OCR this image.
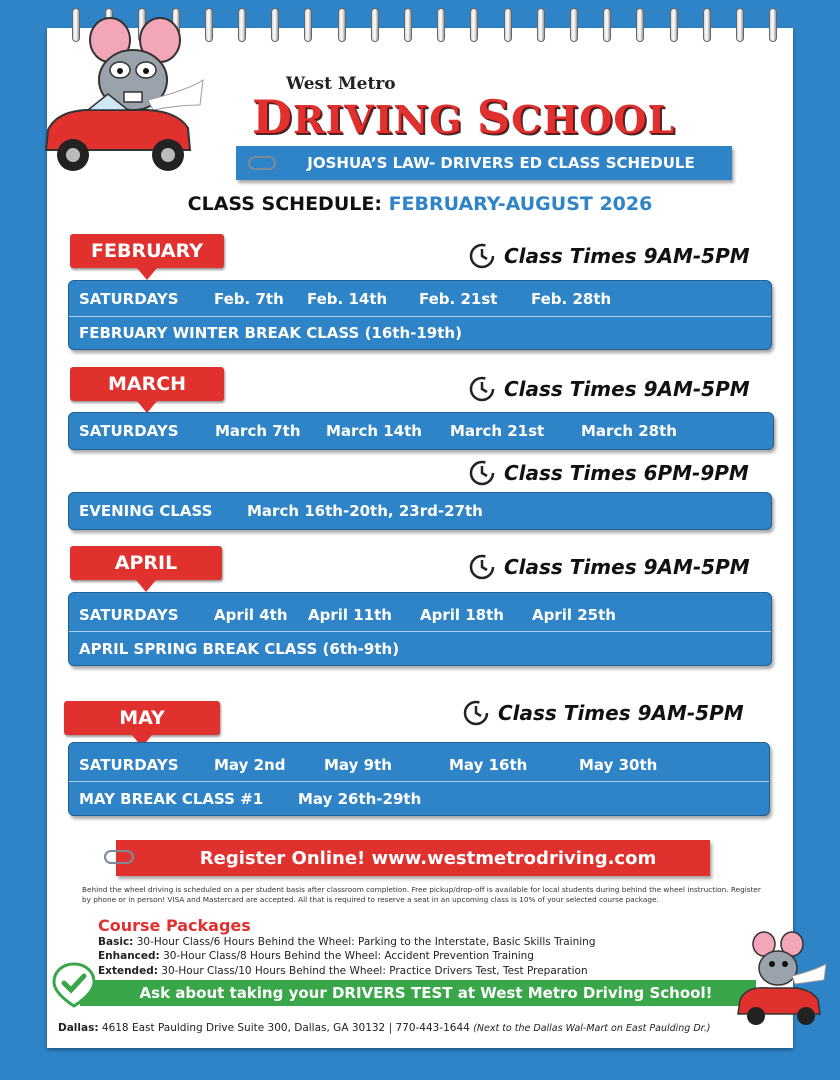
West Metro
DRIVING SCHOOL
JOSHUA’S LAW- DRIVERS ED CLASS SCHEDULE
CLASS SCHEDULE: FEBRUARY-AUGUST 2026
FEBRUARY	Class Times 9AM-5PM
SATURDAYS Feb. 7th Feb. 14th Feb. 21st Feb. 28th
FEBRUARY WINTER BREAK CLASS (16th-19th)
MARCH	Class Times 9AM-5PM
SATURDAYS March 7th March 14th March 21st March 28th
Class Times 6PM-9PM
EVENING CLASS March 16th-20th, 23rd-27th
APRIL	Class Times 9AM-5PM
SATURDAYS April 4th April 11th April 18th April 25th
APRIL SPRING BREAK CLASS (6th-9th)
MAY	Class Times 9AM-5PM
SATURDAYS May 2nd	May 9th	May 16th	May 30th
MAY BREAK CLASS #1 May 26th-29th
Register Online! www.westmetrodriving.com
Behind the wheel driving is scheduled on a per student basis after classroom completion. Free pickup/drop-off is available for local students during behind the wheel instruction. Register by phone or in person! VISA and Mastercard are accepted. All that is required to reserve a seat in an upcoming class is 10% of your selected course package.
Course Packages
Basic: 30-Hour Class/6 Hours Behind the Wheel: Parking to the Interstate, Basic Skills Training
Enhanced: 30-Hour Class/8 Hours Behind the Wheel: Accident Prevention Training
Extended: 30-Hour Class/10 Hours Behind the Wheel: Practice Drivers Test, Test Preparation
Ask about taking your DRIVERS TEST at West Metro Driving School!
Dallas: 4618 East Paulding Drive Suite 300, Dallas, GA 30132 | 770-443-1644 (Next to the Dallas Wal-Mart on East Paulding Dr.)
